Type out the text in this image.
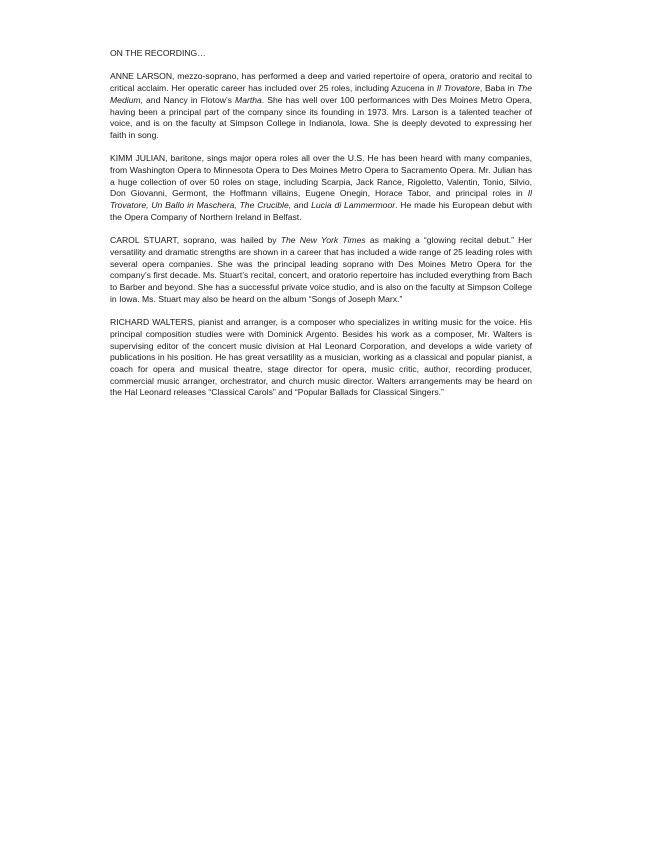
ON THE RECORDING…

ANNE LARSON, mezzo-soprano, has performed a deep and varied repertoire of opera, oratorio and recital to critical acclaim. Her operatic career has included over 25 roles, including Azucena in Il Trovatore, Baba in The Medium, and Nancy in Flotow’s Martha. She has well over 100 performances with Des Moines Metro Opera, having been a principal part of the company since its founding in 1973. Mrs. Larson is a talented teacher of voice, and is on the faculty at Simpson College in Indianola, Iowa. She is deeply devoted to expressing her faith in song.

KIMM JULIAN, baritone, sings major opera roles all over the U.S. He has been heard with many companies, from Washington Opera to Minnesota Opera to Des Moines Metro Opera to Sacramento Opera. Mr. Julian has a huge collection of over 50 roles on stage, including Scarpia, Jack Rance, Rigoletto, Valentin, Tonio, Silvio, Don Giovanni, Germont, the Hoffmann villains, Eugene Onegin, Horace Tabor, and principal roles in Il Trovatore, Un Ballo in Maschera, The Crucible, and Lucia di Lammermoor. He made his European debut with the Opera Company of Northern Ireland in Belfast.

CAROL STUART, soprano, was hailed by The New York Times as making a “glowing recital debut.” Her versatility and dramatic strengths are shown in a career that has included a wide range of 25 leading roles with several opera companies. She was the principal leading soprano with Des Moines Metro Opera for the company’s first decade. Ms. Stuart’s recital, concert, and oratorio repertoire has included everything from Bach to Barber and beyond. She has a successful private voice studio, and is also on the faculty at Simpson College in Iowa. Ms. Stuart may also be heard on the album “Songs of Joseph Marx.”

RICHARD WALTERS, pianist and arranger, is a composer who specializes in writing music for the voice. His principal composition studies were with Dominick Argento. Besides his work as a composer, Mr. Walters is supervising editor of the concert music division at Hal Leonard Corporation, and develops a wide variety of publications in his position. He has great versatility as a musician, working as a classical and popular pianist, a coach for opera and musical theatre, stage director for opera, music critic, author, recording producer, commercial music arranger, orchestrator, and church music director. Walters arrangements may be heard on the Hal Leonard releases “Classical Carols” and “Popular Ballads for Classical Singers.”
